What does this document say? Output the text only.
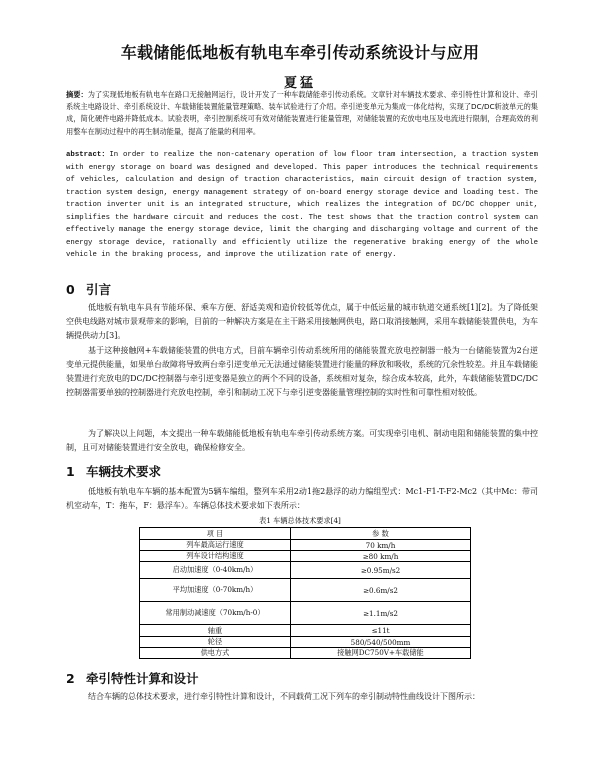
车载储能低地板有轨电车牵引传动系统设计与应用
夏猛
摘要：为了实现低地板有轨电车在路口无接触网运行，设计开发了一种车载储能牵引传动系统。文章针对车辆技术要求、牵引特性计算和设计、牵引系统主电路设计、牵引系统设计、车载储能装置能量管理策略、装车试验进行了介绍。牵引逆变单元为集成一体化结构，实现了DC/DC斩波单元的集成，简化硬件电路并降低成本。试验表明，牵引控制系统可有效对储能装置进行能量管理，对储能装置的充放电电压及电流进行限制，合理高效的利用整车在制动过程中的再生制动能量，提高了能量的利用率。
abstract：In order to realize the non-catenary operation of low floor tram intersection, a traction system with energy storage on board was designed and developed. This paper introduces the technical requirements of vehicles, calculation and design of traction characteristics, main circuit design of traction system, traction system design, energy management strategy of on-board energy storage device and loading test. The traction inverter unit is an integrated structure, which realizes the integration of DC/DC chopper unit, simplifies the hardware circuit and reduces the cost. The test shows that the traction control system can effectively manage the energy storage device, limit the charging and discharging voltage and current of the energy storage device, rationally and efficiently utilize the regenerative braking energy of the whole vehicle in the braking process, and improve the utilization rate of energy.
0 引言
低地板有轨电车具有节能环保、乘车方便、舒适美观和造价较低等优点，属于中低运量的城市轨道交通系统[1][2]。为了降低架空供电线路对城市景观带来的影响，目前的一种解决方案是在主干路采用接触网供电，路口取消接触网，采用车载储能装置供电，为车辆提供动力[3]。
基于这种接触网+车载储能装置的供电方式，目前车辆牵引传动系统所用的储能装置充放电控制器一般为一台储能装置为2台逆变单元提供能量，如果单台故障将导致两台牵引逆变单元无法通过储能装置进行能量的释放和吸收，系统的冗余性较差。并且车载储能装置进行充放电的DC/DC控制器与牵引逆变器是独立的两个不同的设备，系统相对复杂，综合成本较高，此外，车载储能装置DC/DC控制器需要单独的控制器进行充放电控制，牵引和制动工况下与牵引逆变器能量管理控制的实时性和可靠性相对较低。
为了解决以上问题，本文提出一种车载储能低地板有轨电车牵引传动系统方案。可实现牵引电机、制动电阻和储能装置的集中控制，且可对储能装置进行安全放电，确保检修安全。
1 车辆技术要求
低地板有轨电车车辆的基本配置为5辆车编组，整列车采用2动1拖2悬浮的动力编组型式：Mc1-F1-T-F2-Mc2（其中Mc：带司机室动车，T：拖车，F：悬浮车）。车辆总体技术要求如下表所示：
表1 车辆总体技术要求[4]
项 目	参 数
列车最高运行速度	70 km/h
列车设计结构速度	≥80 km/h
启动加速度（0-40km/h）	≥0.95m/s2
平均加速度（0-70km/h）	≥0.6m/s2
常用制动减速度（70km/h-0）	≥1.1m/s2
轴重	≤11t
轮径	580/540/500mm
供电方式	接触网DC750V+车载储能
2 牵引特性计算和设计
结合车辆的总体技术要求，进行牵引特性计算和设计，不同载荷工况下列车的牵引制动特性曲线设计下图所示：
